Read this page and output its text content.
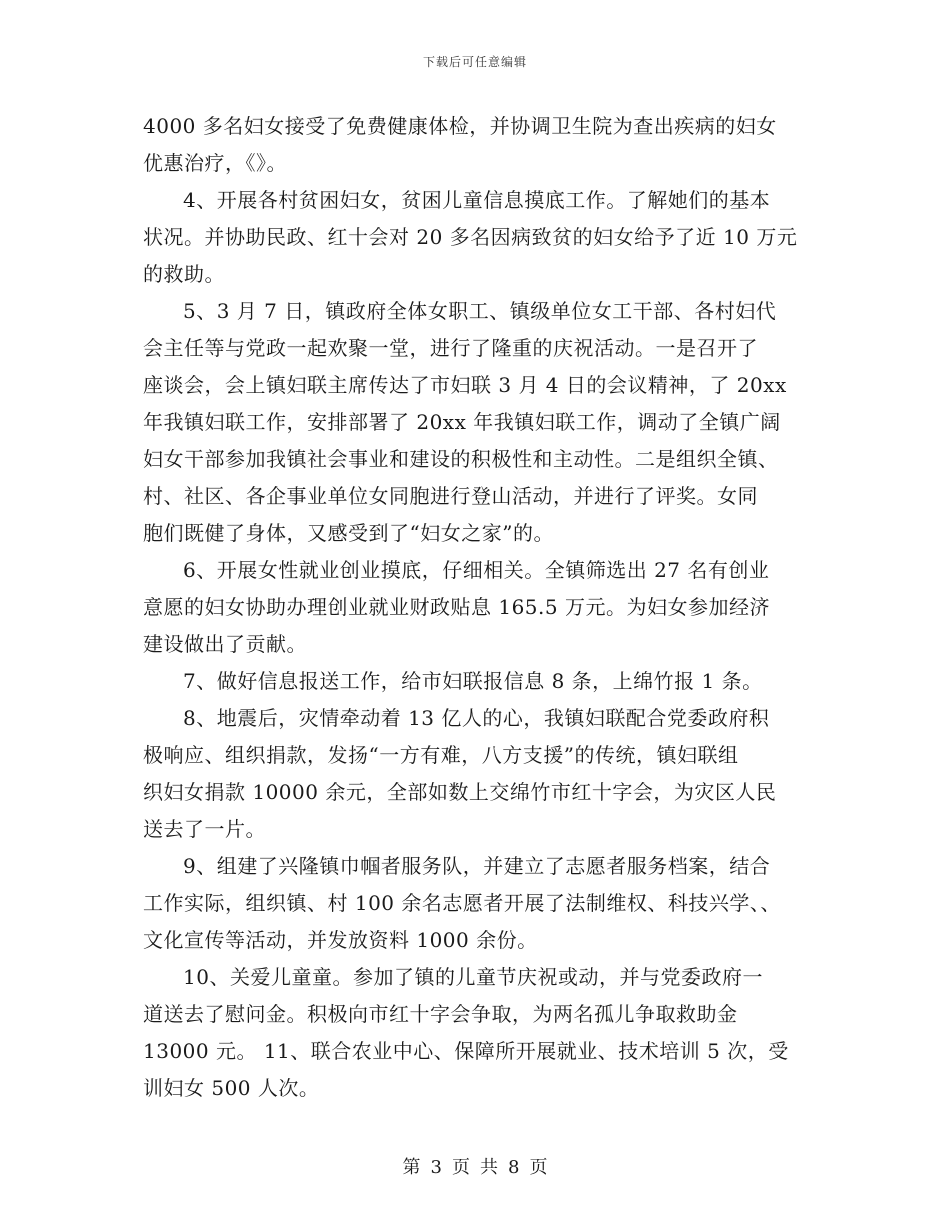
下载后可任意编辑

4000 多名妇女接受了免费健康体检，并协调卫生院为查出疾病的妇女
优惠治疗，《》。

4、开展各村贫困妇女，贫困儿童信息摸底工作。了解她们的基本
状况。并协助民政、红十会对 20 多名因病致贫的妇女给予了近 10 万元
的救助。

5、3 月 7 日，镇政府全体女职工、镇级单位女工干部、各村妇代
会主任等与党政一起欢聚一堂，进行了隆重的庆祝活动。一是召开了
座谈会，会上镇妇联主席传达了市妇联 3 月 4 日的会议精神，了 20xx
年我镇妇联工作，安排部署了 20xx 年我镇妇联工作，调动了全镇广阔
妇女干部参加我镇社会事业和建设的积极性和主动性。二是组织全镇、
村、社区、各企事业单位女同胞进行登山活动，并进行了评奖。女同
胞们既健了身体，又感受到了“妇女之家”的。

6、开展女性就业创业摸底，仔细相关。全镇筛选出 27 名有创业
意愿的妇女协助办理创业就业财政贴息 165.5 万元。为妇女参加经济
建设做出了贡献。

7、做好信息报送工作，给市妇联报信息 8 条，上绵竹报 1 条。

8、地震后，灾情牵动着 13 亿人的心，我镇妇联配合党委政府积
极响应、组织捐款，发扬“一方有难，八方支援”的传统，镇妇联组
织妇女捐款 10000 余元，全部如数上交绵竹市红十字会，为灾区人民
送去了一片。

9、组建了兴隆镇巾帼者服务队，并建立了志愿者服务档案，结合
工作实际，组织镇、村 100 余名志愿者开展了法制维权、科技兴学、、
文化宣传等活动，并发放资料 1000 余份。

10、关爱儿童童。参加了镇的儿童节庆祝或动，并与党委政府一
道送去了慰问金。积极向市红十字会争取，为两名孤儿争取救助金
13000 元。 11、联合农业中心、保障所开展就业、技术培训 5 次，受
训妇女 500 人次。

第 3 页 共 8 页
